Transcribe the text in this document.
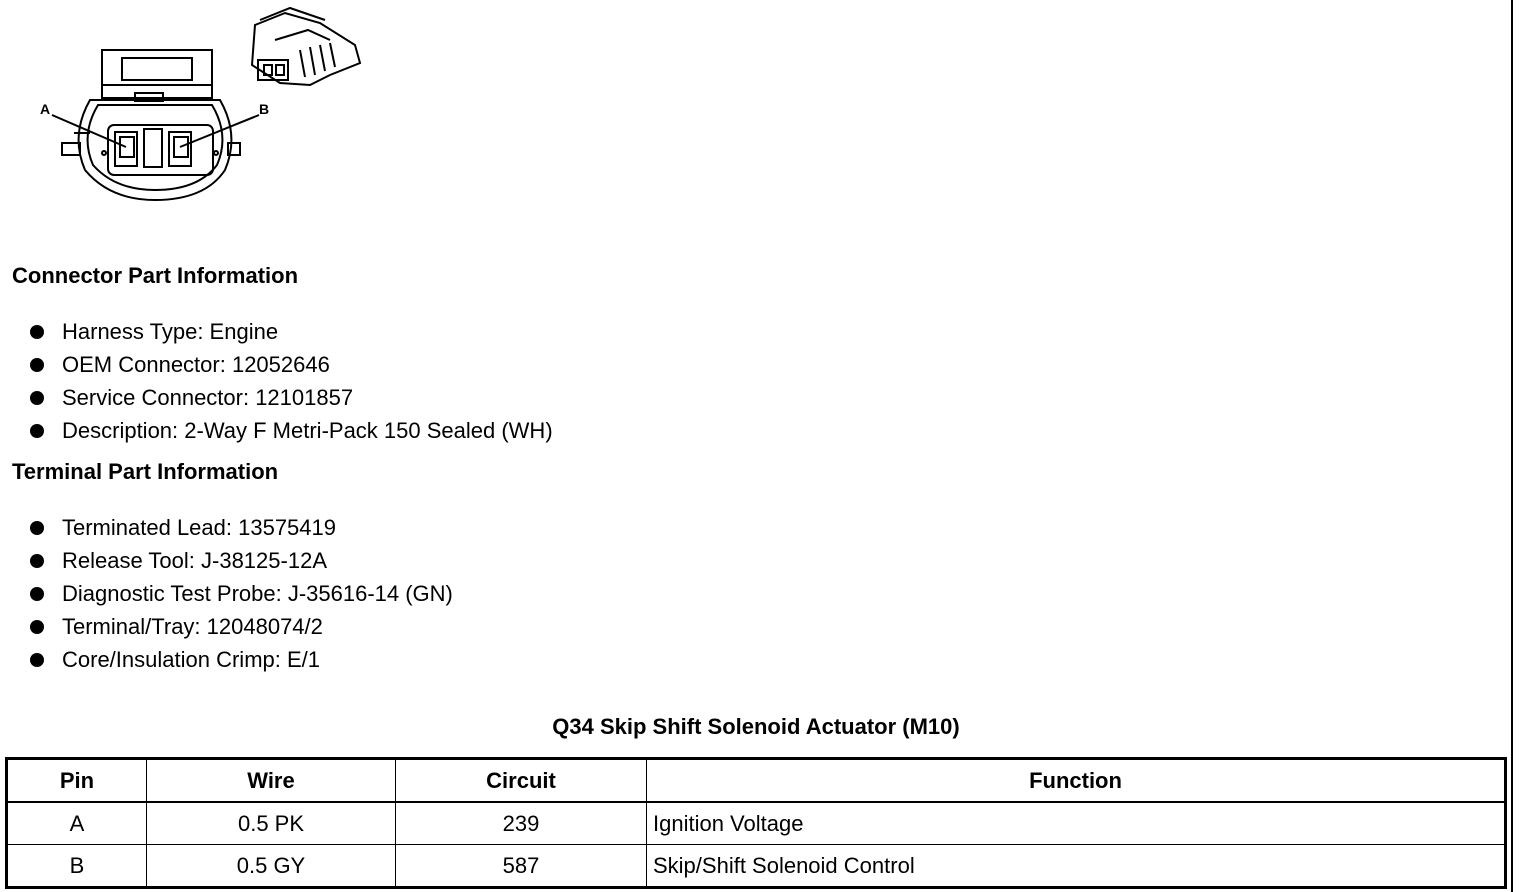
A	B
Connector Part Information
Harness Type: Engine
OEM Connector: 12052646
Service Connector: 12101857
Description: 2-Way F Metri-Pack 150 Sealed (WH)
Terminal Part Information
Terminated Lead: 13575419
Release Tool: J-38125-12A
Diagnostic Test Probe: J-35616-14 (GN)
Terminal/Tray: 12048074/2
Core/Insulation Crimp: E/1
Q34 Skip Shift Solenoid Actuator (M10)
Pin	Wire	Circuit	Function
A	0.5 PK	239	Ignition Voltage
B	0.5 GY	587	Skip/Shift Solenoid Control
